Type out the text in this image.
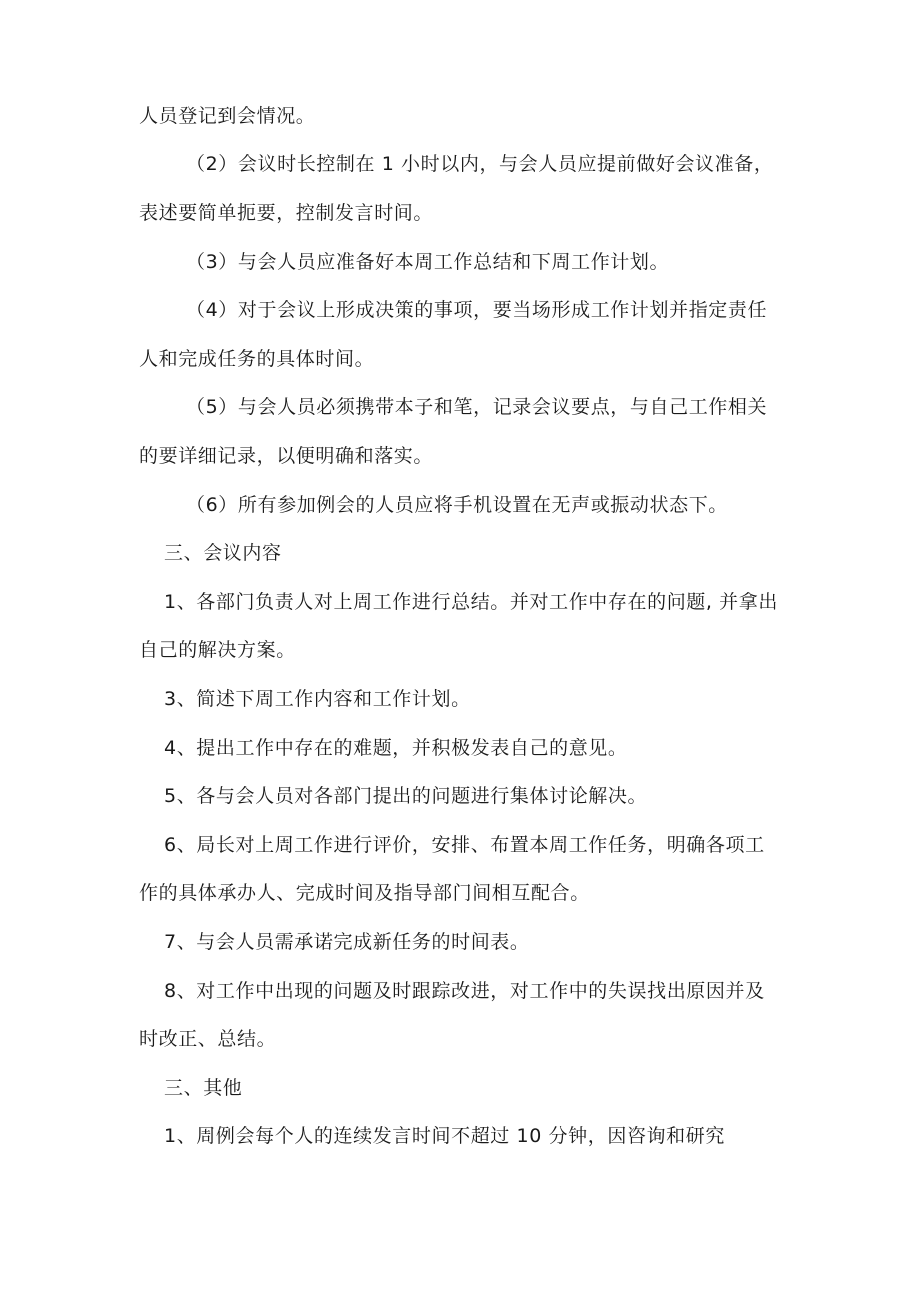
人员登记到会情况。
（2）会议时长控制在 1 小时以内，与会人员应提前做好会议准备，
表述要简单扼要，控制发言时间。
（3）与会人员应准备好本周工作总结和下周工作计划。
（4）对于会议上形成决策的事项，要当场形成工作计划并指定责任
人和完成任务的具体时间。
（5）与会人员必须携带本子和笔，记录会议要点，与自己工作相关
的要详细记录，以便明确和落实。
（6）所有参加例会的人员应将手机设置在无声或振动状态下。
三、会议内容
1、各部门负责人对上周工作进行总结。并对工作中存在的问题, 并拿出
自己的解决方案。
3、简述下周工作内容和工作计划。
4、提出工作中存在的难题，并积极发表自己的意见。
5、各与会人员对各部门提出的问题进行集体讨论解决。
6、局长对上周工作进行评价，安排、布置本周工作任务，明确各项工
作的具体承办人、完成时间及指导部门间相互配合。
7、与会人员需承诺完成新任务的时间表。
8、对工作中出现的问题及时跟踪改进，对工作中的失误找出原因并及
时改正、总结。
三、其他
1、周例会每个人的连续发言时间不超过 10 分钟，因咨询和研究
